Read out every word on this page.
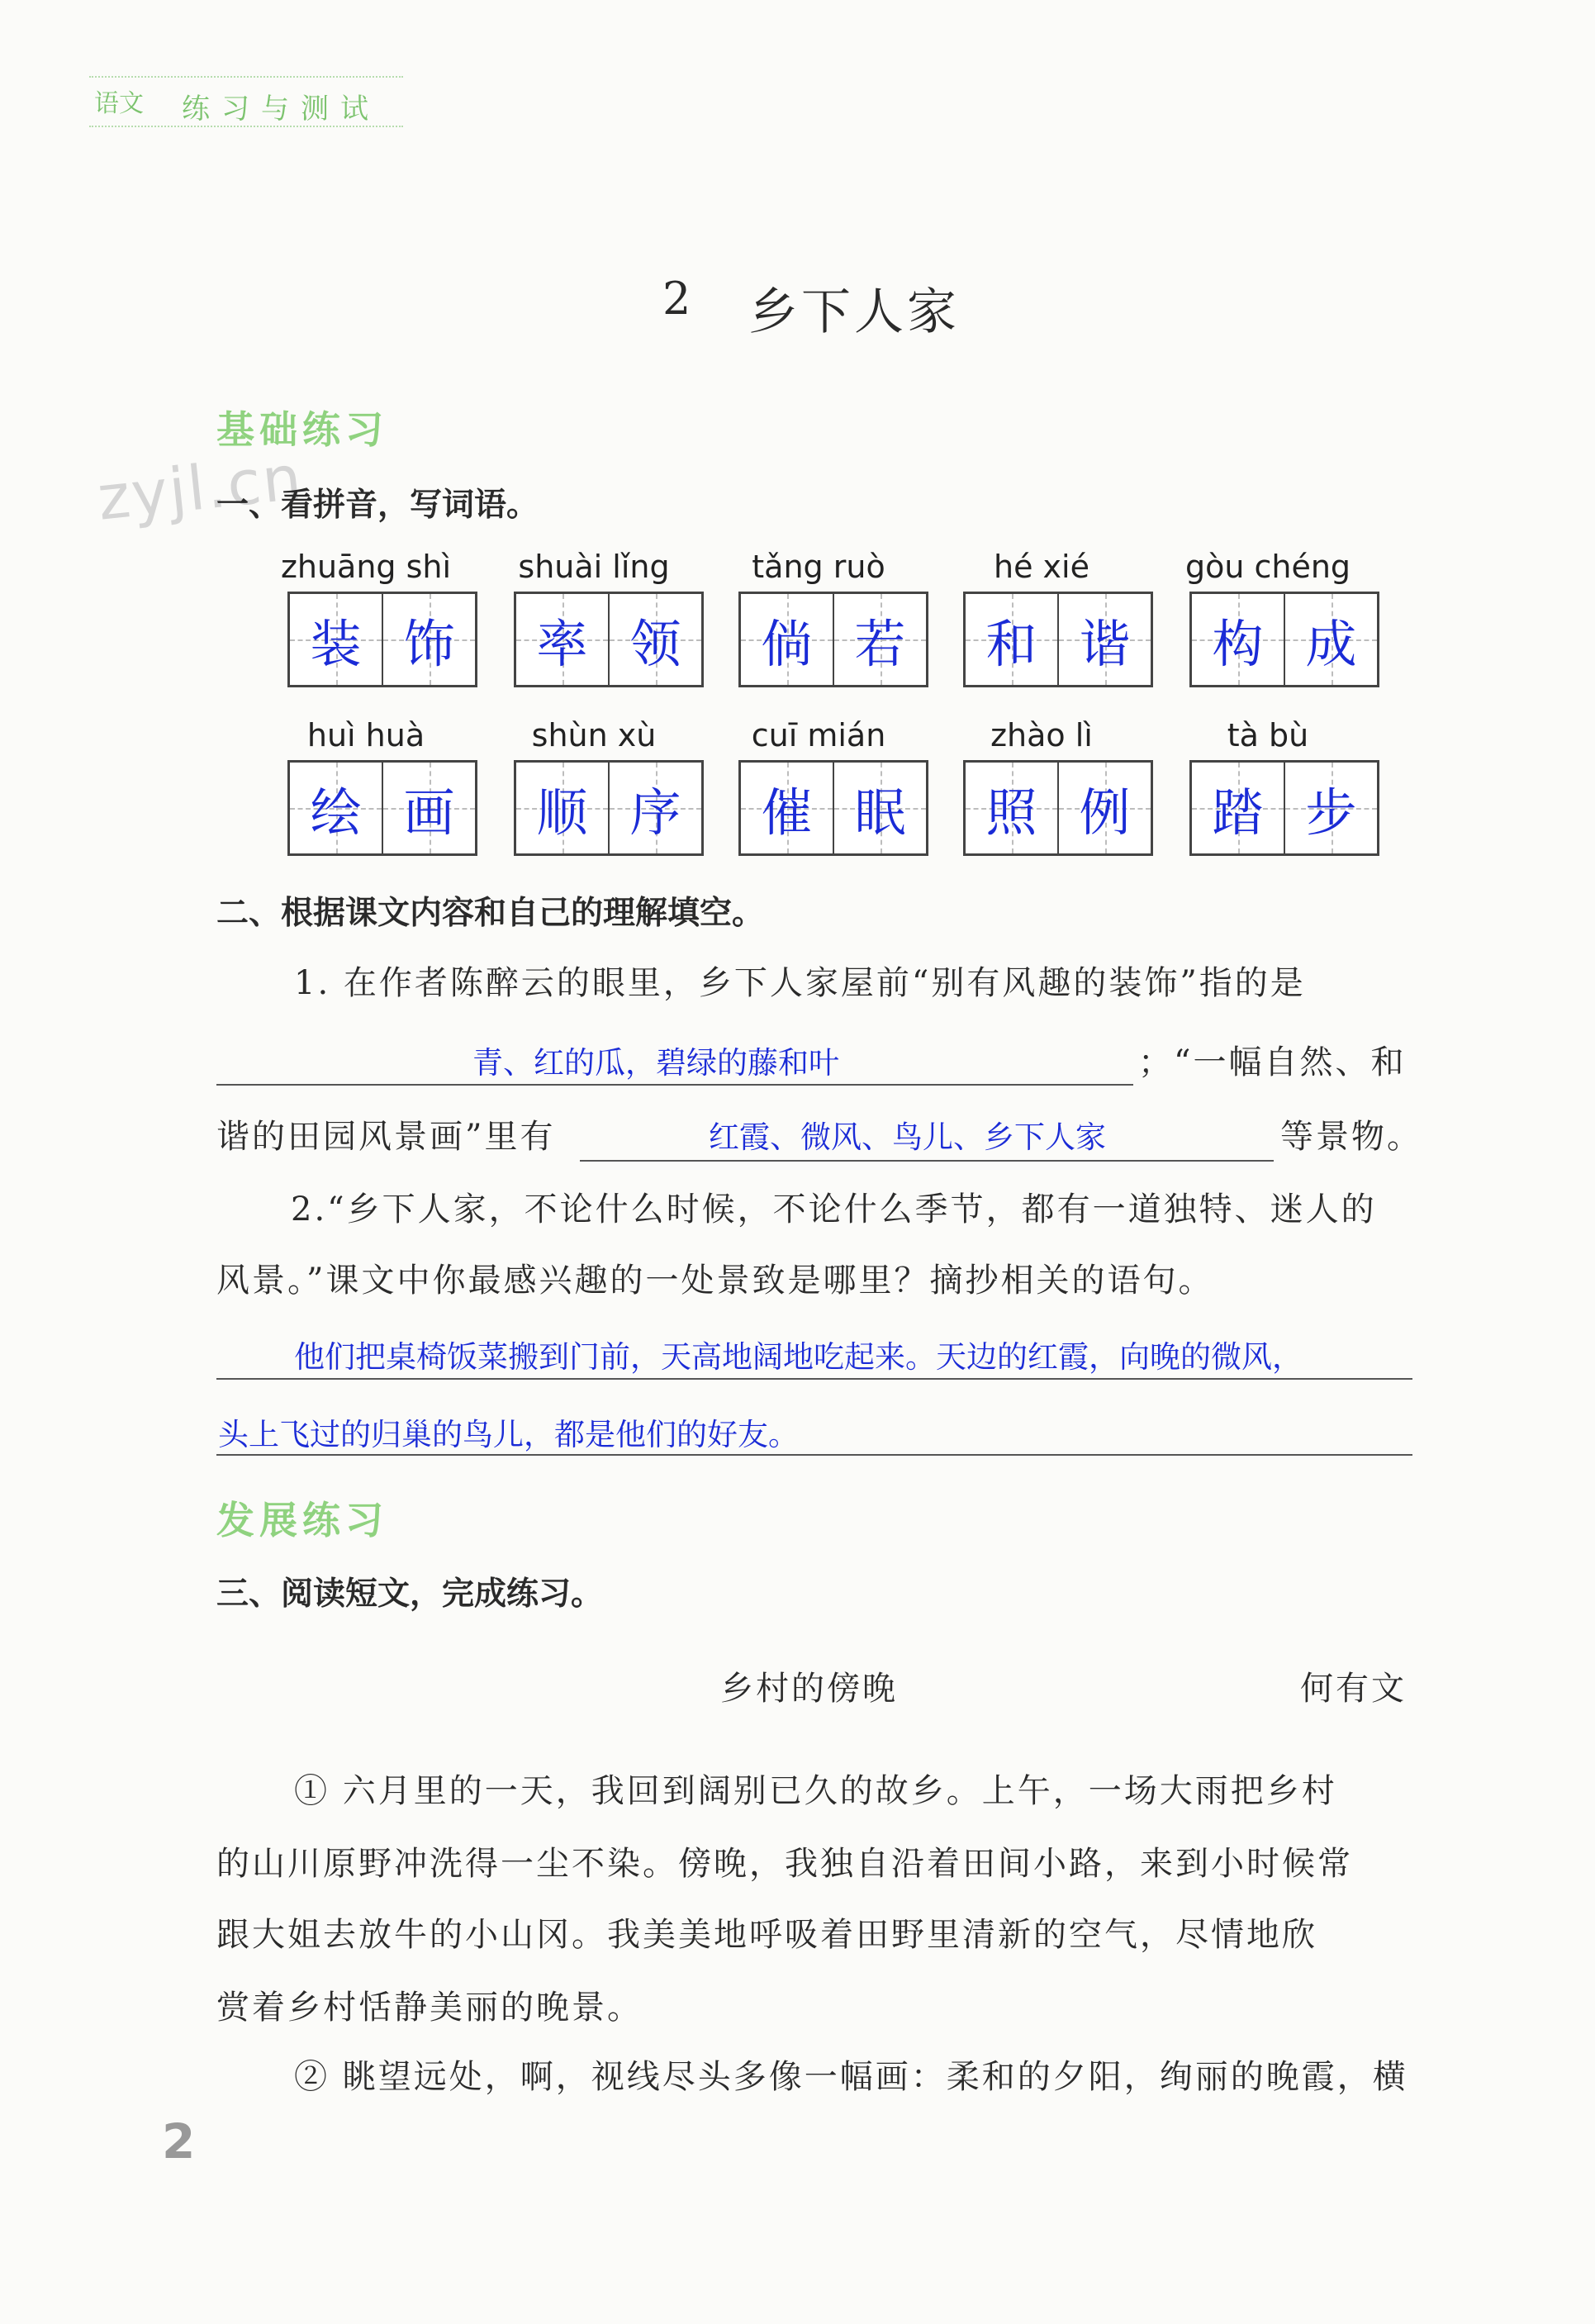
语文 练习与测试
2 乡下人家
基础练习
zyjl.cn
一、看拼音，写词语。
zhuāng shì
装 饰
shuài lǐng
率 领
tǎng ruò
倘 若
hé xié
和 谐
gòu chéng
构 成
huì huà
绘 画
shùn xù
顺 序
cuī mián
催 眠
zhào lì
照 例
tà bù
踏 步
二、根据课文内容和自己的理解填空。
1. 在作者陈醉云的眼里，乡下人家屋前“别有风趣的装饰”指的是
青、红的瓜，碧绿的藤和叶	；“一幅自然、和
谐的田园风景画”里有	红霞、微风、鸟儿、乡下人家	等景物。
2.“乡下人家，不论什么时候，不论什么季节，都有一道独特、迷人的
风景。”课文中你最感兴趣的一处景致是哪里？摘抄相关的语句。
他们把桌椅饭菜搬到门前，天高地阔地吃起来。天边的红霞，向晚的微风，
头上飞过的归巢的鸟儿，都是他们的好友。
发展练习
三、阅读短文，完成练习。
乡村的傍晚	何有文
① 六月里的一天，我回到阔别已久的故乡。上午，一场大雨把乡村
的山川原野冲洗得一尘不染。傍晚，我独自沿着田间小路，来到小时候常
跟大姐去放牛的小山冈。我美美地呼吸着田野里清新的空气，尽情地欣
赏着乡村恬静美丽的晚景。
② 眺望远处，啊，视线尽头多像一幅画：柔和的夕阳，绚丽的晚霞，横
2
